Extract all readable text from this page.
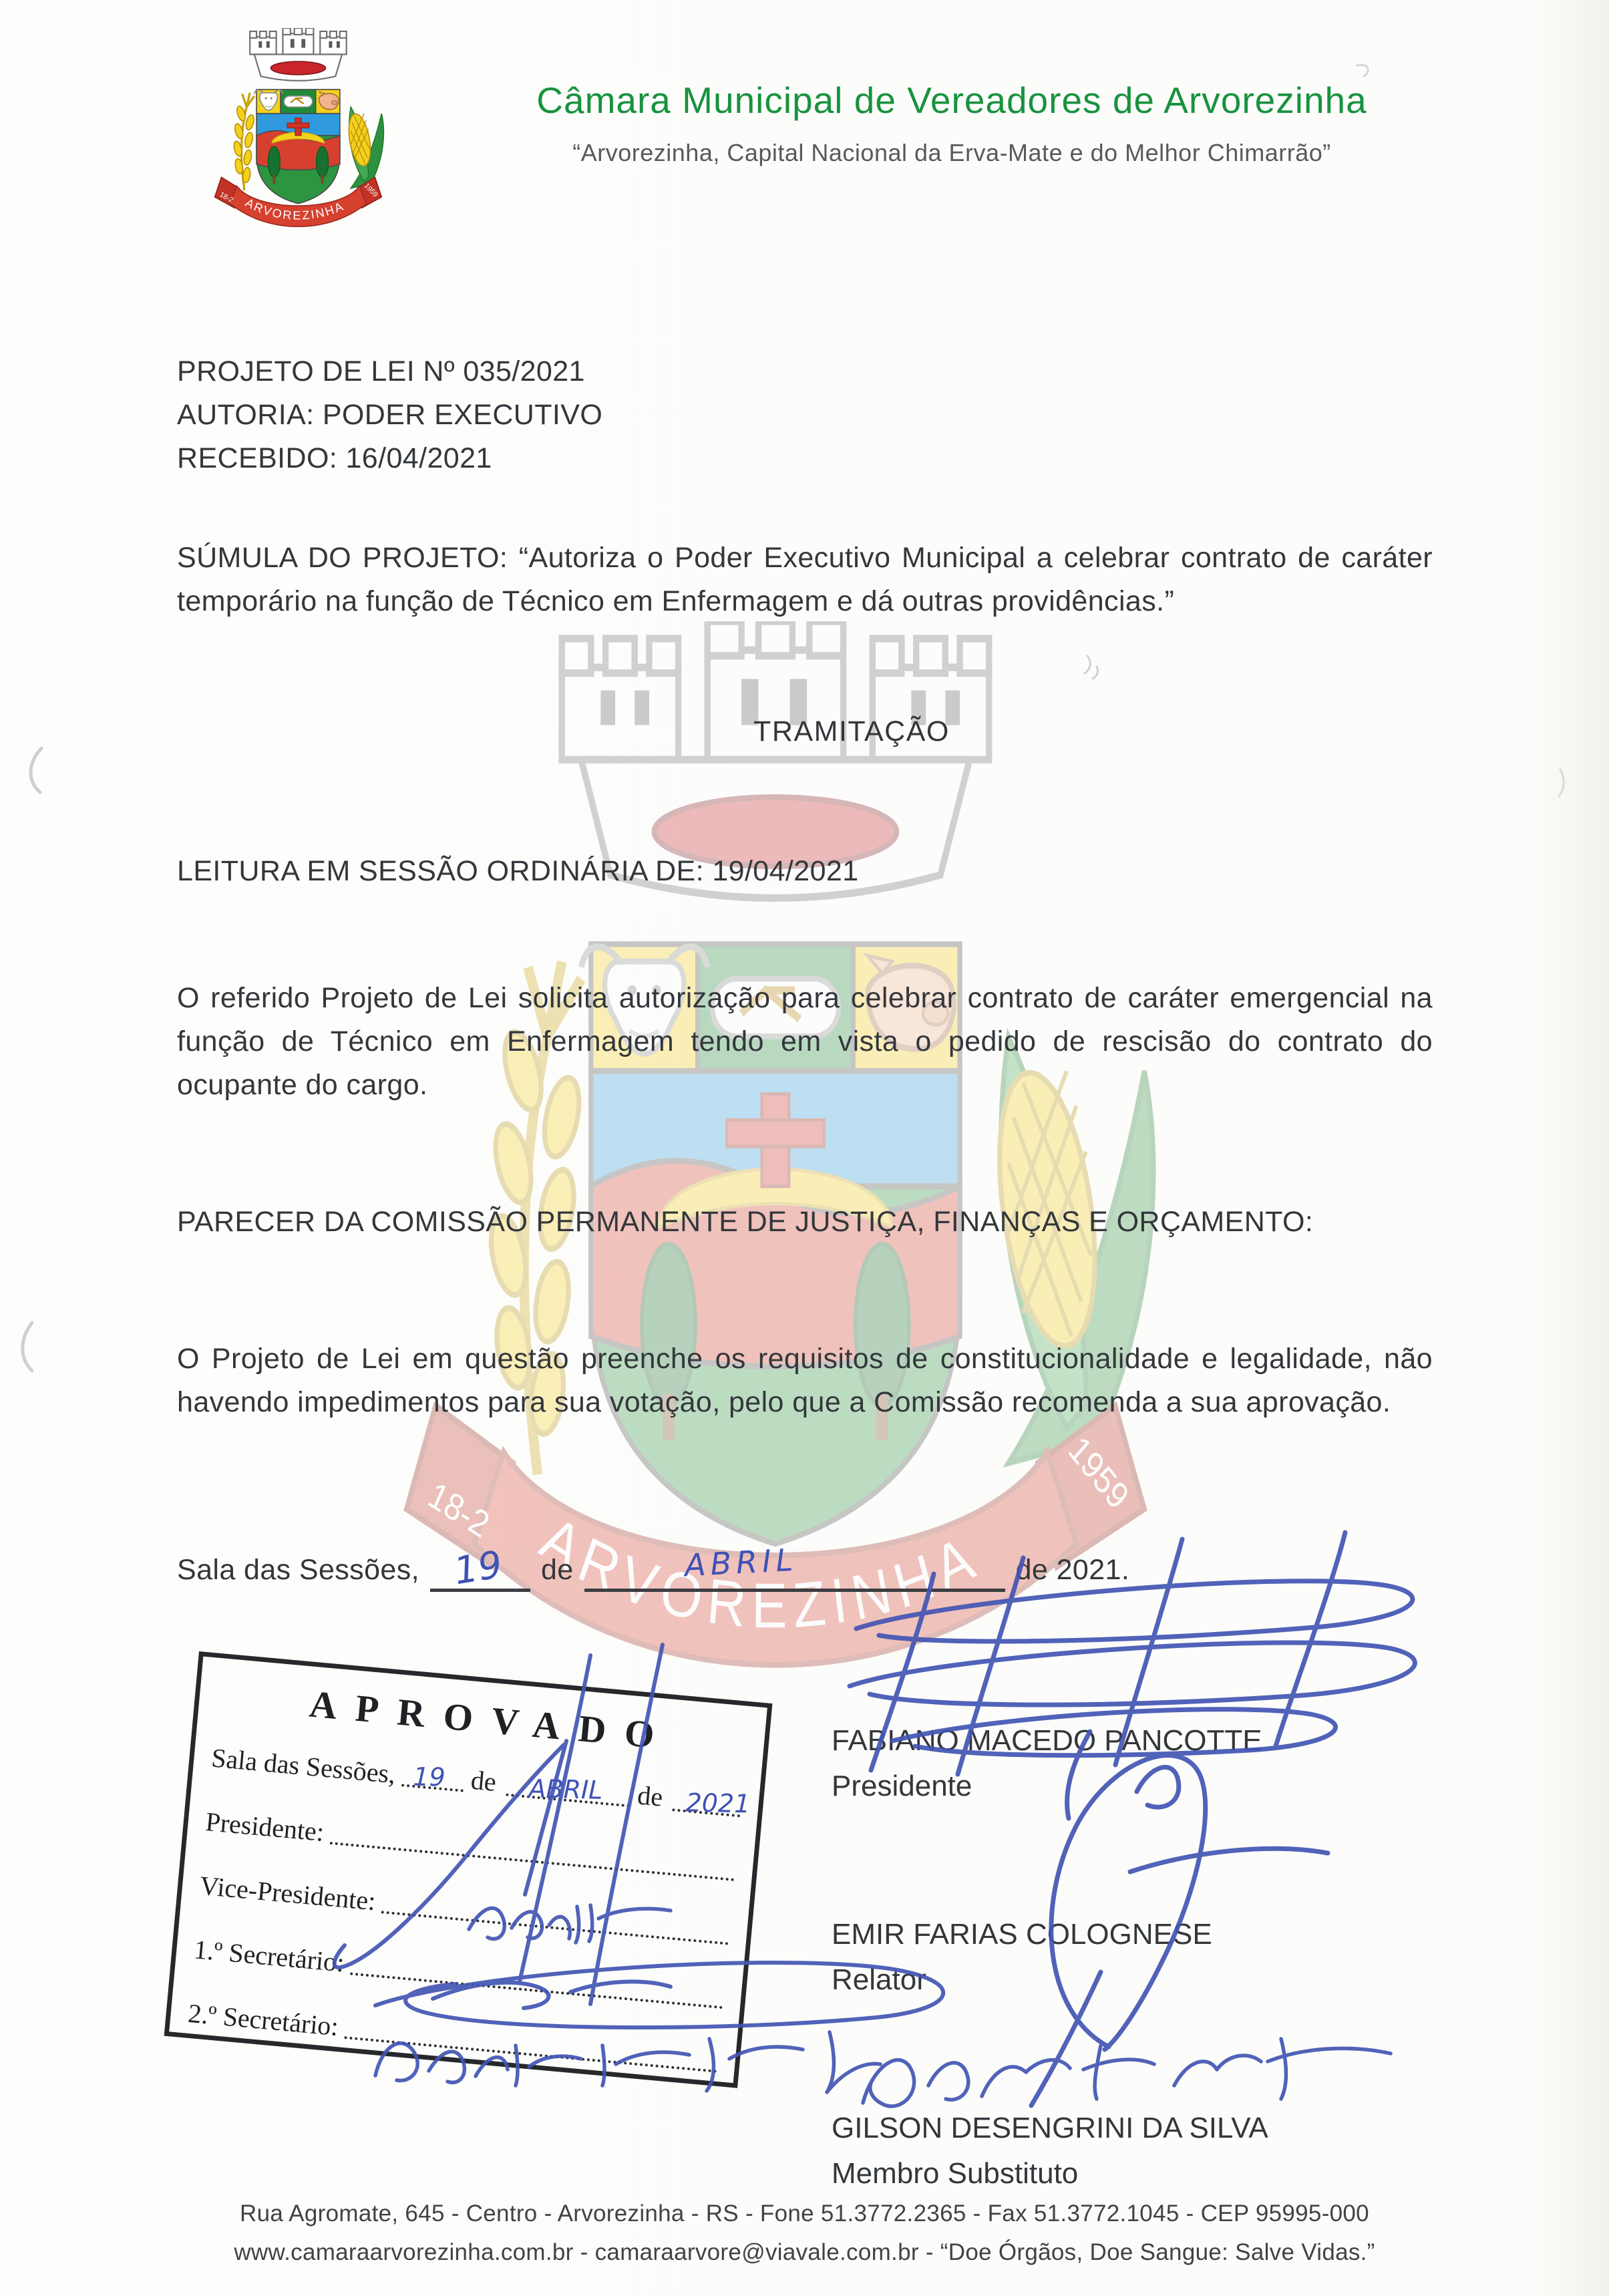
Câmara Municipal de Vereadores de Arvorezinha
“Arvorezinha, Capital Nacional da Erva-Mate e do Melhor Chimarrão”
PROJETO DE LEI Nº 035/2021
AUTORIA: PODER EXECUTIVO
RECEBIDO: 16/04/2021
SÚMULA DO PROJETO: “Autoriza o Poder Executivo Municipal a celebrar contrato de caráter temporário na função de Técnico em Enfermagem e dá outras providências.”
TRAMITAÇÃO
LEITURA EM SESSÃO ORDINÁRIA DE: 19/04/2021
O referido Projeto de Lei solicita autorização para celebrar contrato de caráter emergencial na função de Técnico em Enfermagem tendo em vista o pedido de rescisão do contrato do ocupante do cargo.
PARECER DA COMISSÃO PERMANENTE DE JUSTIÇA, FINANÇAS E ORÇAMENTO:
O Projeto de Lei em questão preenche os requisitos de constitucionalidade e legalidade, não havendo impedimentos para sua votação, pelo que a Comissão recomenda a sua aprovação.
Sala das Sessões, 19 de	ABRIL	de 2021.
APROVADO
Sala das Sessões, 19 de ABRIL de 2021
Presidente:
Vice-Presidente:
1.º Secretário:
2.º Secretário:
FABIANO MACEDO PANCOTTE
Presidente
EMIR FARIAS COLOGNESE
Relator
GILSON DESENGRINI DA SILVA
Membro Substituto
Rua Agromate, 645 - Centro - Arvorezinha - RS - Fone 51.3772.2365 - Fax 51.3772.1045 - CEP 95995-000
www.camaraarvorezinha.com.br - camaraarvore@viavale.com.br - “Doe Órgãos, Doe Sangue: Salve Vidas.”
